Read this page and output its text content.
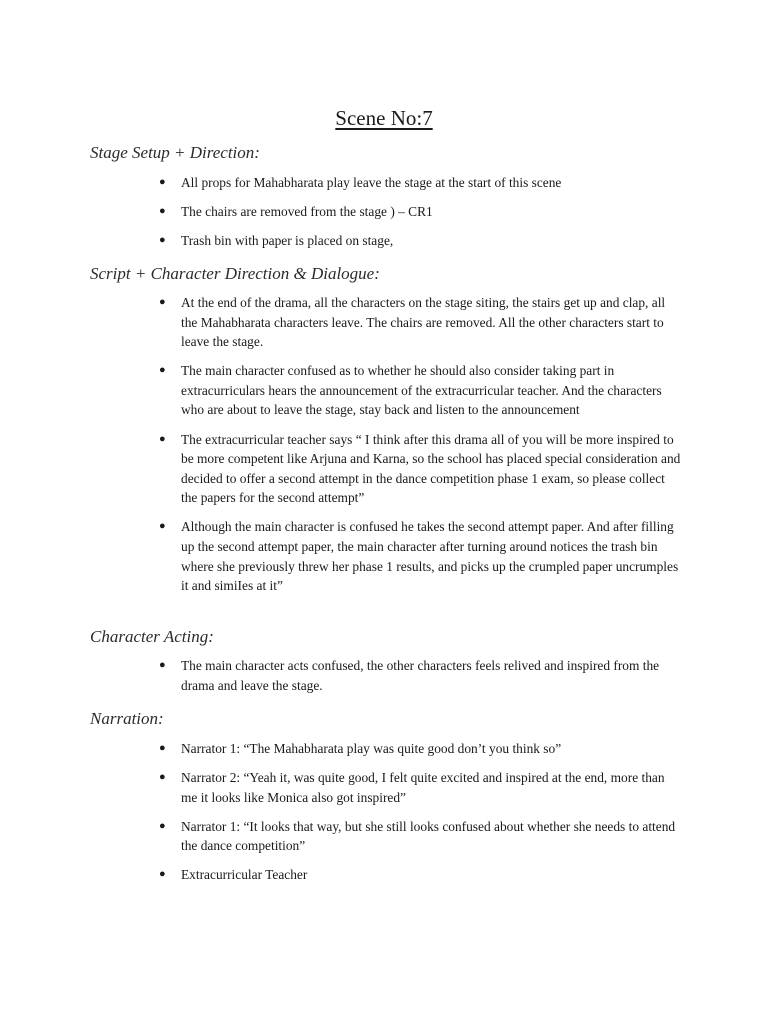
Scene No:7
Stage Setup + Direction:
● All props for Mahabharata play leave the stage at the start of this scene
● The chairs are removed from the stage ) – CR1
● Trash bin with paper is placed on stage,
Script + Character Direction & Dialogue:
● At the end of the drama, all the characters on the stage siting, the stairs get up and clap, all the Mahabharata characters leave. The chairs are removed. All the other characters start to leave the stage.
● The main character confused as to whether he should also consider taking part in extracurriculars hears the announcement of the extracurricular teacher. And the characters who are about to leave the stage, stay back and listen to the announcement
● The extracurricular teacher says “ I think after this drama all of you will be more inspired to be more competent like Arjuna and Karna, so the school has placed special consideration and decided to offer a second attempt in the dance competition phase 1 exam, so please collect the papers for the second attempt”
● Although the main character is confused he takes the second attempt paper. And after filling up the second attempt paper, the main character after turning around notices the trash bin where she previously threw her phase 1 results, and picks up the crumpled paper uncrumples it and simiIes at it”
Character Acting:
● The main character acts confused, the other characters feels relived and inspired from the drama and leave the stage.
Narration:
● Narrator 1: “The Mahabharata play was quite good don’t you think so”
● Narrator 2: “Yeah it, was quite good, I felt quite excited and inspired at the end, more than me it looks like Monica also got inspired”
● Narrator 1: “It looks that way, but she still looks confused about whether she needs to attend the dance competition”
● Extracurricular Teacher
